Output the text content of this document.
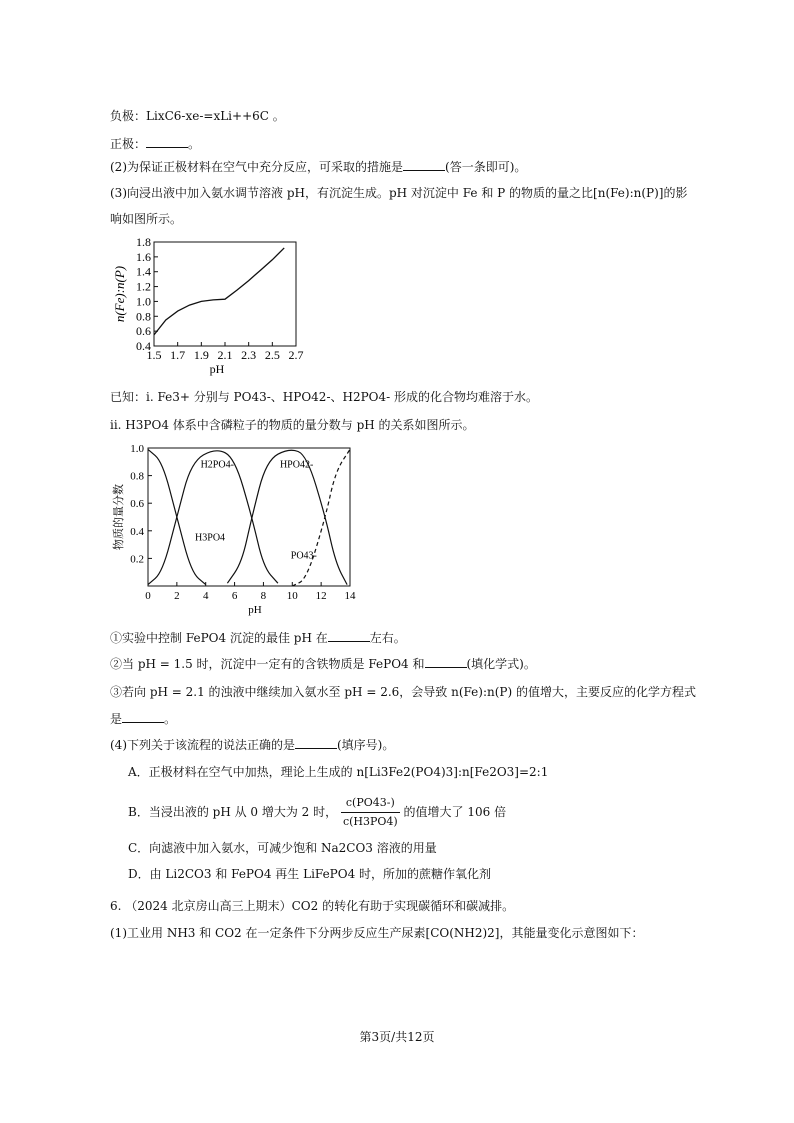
负极：LixC6-xe-=xLi++6C 。
正极：	。
(2)为保证正极材料在空气中充分反应，可采取的措施是	(答一条即可)。
(3)向浸出液中加入氨水调节溶液 pH，有沉淀生成。pH 对沉淀中 Fe 和 P 的物质的量之比[n(Fe):n(P)]的影
响如图所示。
0.4
0.6
0.8
1.0
1.2
1.4
1.6
1.8
1.5 1.7 1.9 2.1 2.3 2.5 2.7
pH
n(Fe):n(P)
已知：i. Fe3+ 分别与 PO43-、HPO42-、H2PO4- 形成的化合物均难溶于水。
ii. H3PO4 体系中含磷粒子的物质的量分数与 pH 的关系如图所示。
0.2
0.4
0.6
0.8
1.0
0 2 4 6 8 10 12 14
pH
物质的量分数
H2PO4-	HPO42-
H3PO4
PO43-
①实验中控制 FePO4 沉淀的最佳 pH 在	左右。
②当 pH = 1.5 时，沉淀中一定有的含铁物质是 FePO4 和	(填化学式)。
③若向 pH = 2.1 的浊液中继续加入氨水至 pH = 2.6，会导致 n(Fe):n(P) 的值增大，主要反应的化学方程式
是	。
(4)下列关于该流程的说法正确的是	(填序号)。
A．正极材料在空气中加热，理论上生成的 n[Li3Fe2(PO4)3]:n[Fe2O3]=2:1
B．当浸出液的 pH 从 0 增大为 2 时， $\frac{c(PO43-)}{c(H3PO4)}$ 的值增大了 106 倍
C．向滤液中加入氨水，可减少饱和 Na2CO3 溶液的用量
D．由 Li2CO3 和 FePO4 再生 LiFePO4 时，所加的蔗糖作氧化剂
6. （2024 北京房山高三上期末）CO2 的转化有助于实现碳循环和碳减排。
(1)工业用 NH3 和 CO2 在一定条件下分两步反应生产尿素[CO(NH2)2]，其能量变化示意图如下：
第3页/共12页
